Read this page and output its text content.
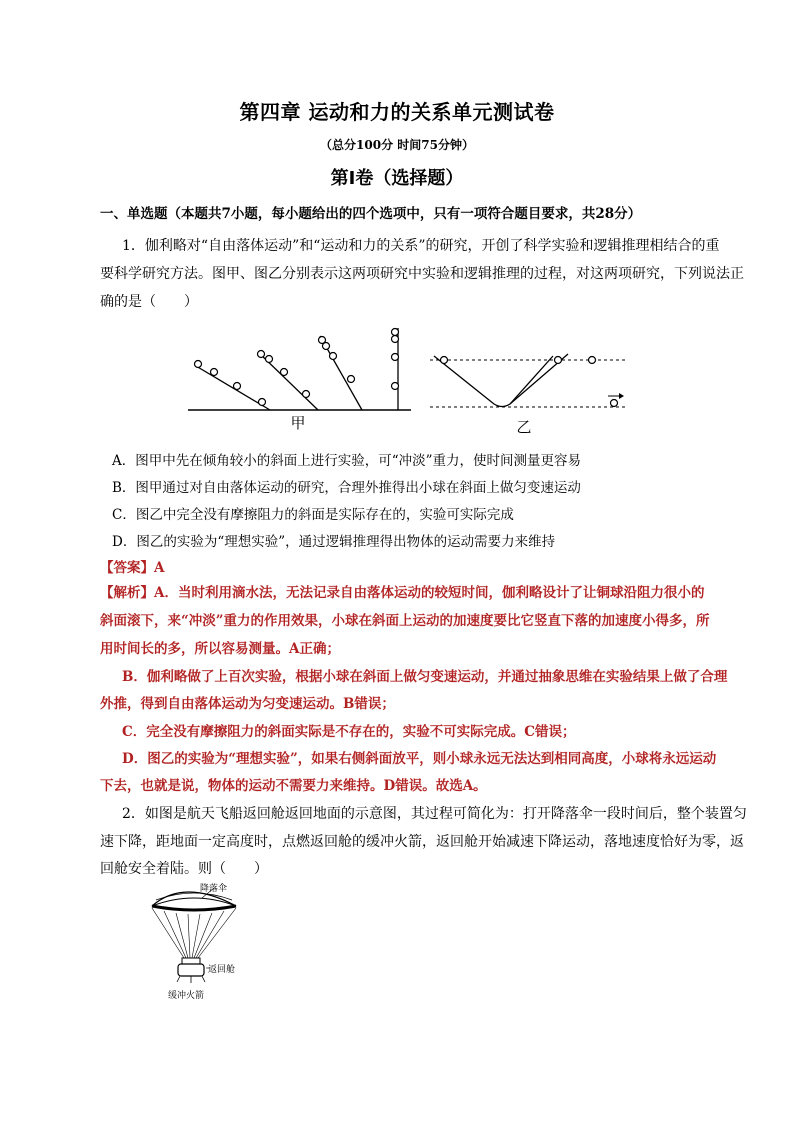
第四章 运动和力的关系单元测试卷
（总分100分 时间75分钟）
第Ⅰ卷（选择题）
一、单选题（本题共7小题，每小题给出的四个选项中，只有一项符合题目要求，共28分）
1．伽利略对“自由落体运动”和“运动和力的关系”的研究，开创了科学实验和逻辑推理相结合的重
要科学研究方法。图甲、图乙分别表示这两项研究中实验和逻辑推理的过程，对这两项研究，下列说法正
确的是（　　）
甲	乙
A．图甲中先在倾角较小的斜面上进行实验，可“冲淡”重力，使时间测量更容易
B．图甲通过对自由落体运动的研究，合理外推得出小球在斜面上做匀变速运动
C．图乙中完全没有摩擦阻力的斜面是实际存在的，实验可实际完成
D．图乙的实验为“理想实验”，通过逻辑推理得出物体的运动需要力来维持
【答案】A
【解析】A．当时利用滴水法，无法记录自由落体运动的较短时间，伽利略设计了让铜球沿阻力很小的
斜面滚下，来“冲淡”重力的作用效果，小球在斜面上运动的加速度要比它竖直下落的加速度小得多，所
用时间长的多，所以容易测量。A正确；
B．伽利略做了上百次实验，根据小球在斜面上做匀变速运动，并通过抽象思维在实验结果上做了合理
外推，得到自由落体运动为匀变速运动。B错误；
C．完全没有摩擦阻力的斜面实际是不存在的，实验不可实际完成。C错误；
D．图乙的实验为“理想实验”，如果右侧斜面放平，则小球永远无法达到相同高度，小球将永远运动
下去，也就是说，物体的运动不需要力来维持。D错误。故选A。
2．如图是航天飞船返回舱返回地面的示意图，其过程可简化为：打开降落伞一段时间后，整个装置匀
速下降，距地面一定高度时，点燃返回舱的缓冲火箭，返回舱开始减速下降运动，落地速度恰好为零，返
回舱安全着陆。则（　　）
降落伞
返回舱
缓冲火箭
